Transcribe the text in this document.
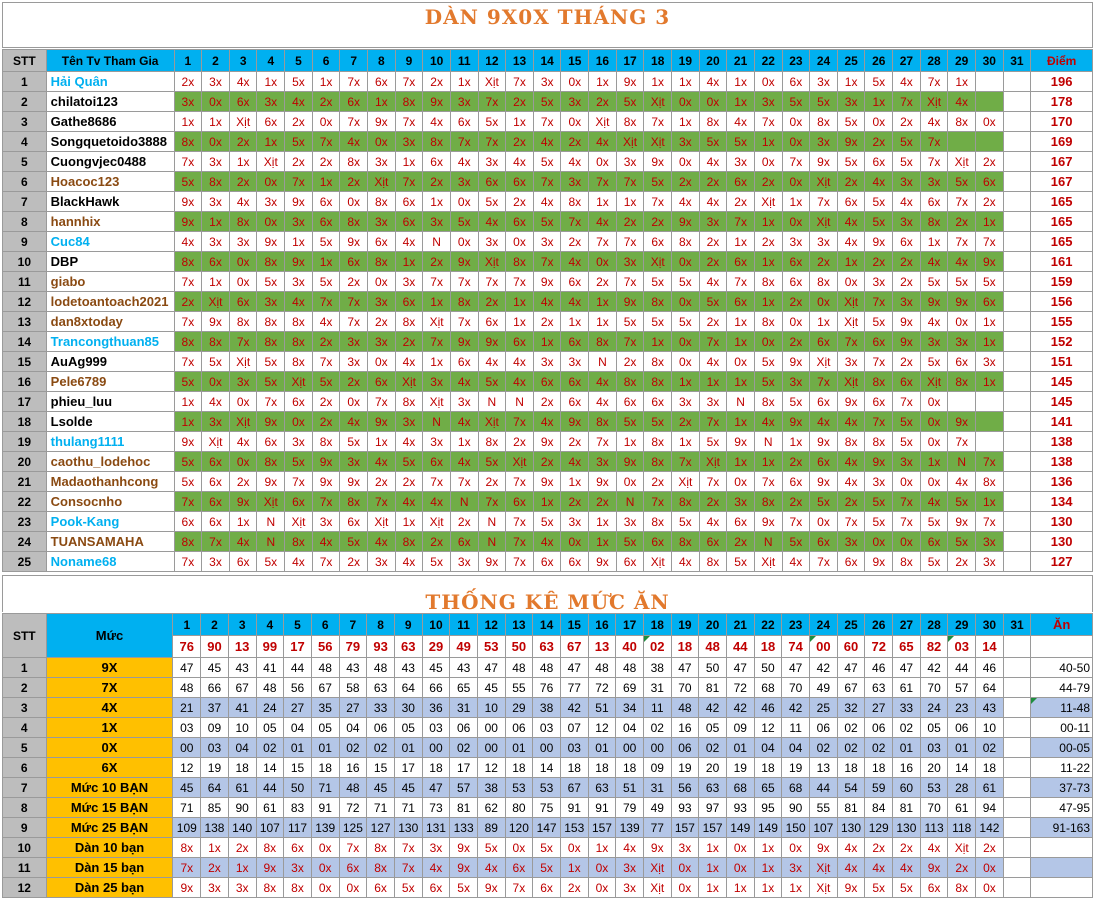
DÀN 9X0X THÁNG 3
STT	Tên Tv Tham Gia	1	2	3	4	5	6	7	8	9	10	11	12	13	14	15	16	17	18	19	20	21	22	23	24	25	26	27	28	29	30	31	Điểm
1	Hải Quân	2x	3x	4x	1x	5x	1x	7x	6x	7x	2x	1x	Xịt	7x	3x	0x	1x	9x	1x	1x	4x	1x	0x	6x	3x	1x	5x	4x	7x	1x			196
2	chilatoi123	3x	0x	6x	3x	4x	2x	6x	1x	8x	9x	3x	7x	2x	5x	3x	2x	5x	Xịt	0x	0x	1x	3x	5x	5x	3x	1x	7x	Xịt	4x			178
3	Gathe8686	1x	1x	Xịt	6x	2x	0x	7x	9x	7x	4x	6x	5x	1x	7x	0x	Xịt	8x	7x	1x	8x	4x	7x	0x	8x	5x	0x	2x	4x	8x	0x		170
4	Songquetoido3888	8x	0x	2x	1x	5x	7x	4x	0x	3x	8x	7x	7x	2x	4x	2x	4x	Xịt	Xịt	3x	5x	5x	1x	0x	3x	9x	2x	5x	7x				169
5	Cuongvjec0488	7x	3x	1x	Xịt	2x	2x	8x	3x	1x	6x	4x	3x	4x	5x	4x	0x	3x	9x	0x	4x	3x	0x	7x	9x	5x	6x	5x	7x	Xịt	2x		167
6	Hoacoc123	5x	8x	2x	0x	7x	1x	2x	Xịt	7x	2x	3x	6x	6x	7x	3x	7x	7x	5x	2x	2x	6x	2x	0x	Xịt	2x	4x	3x	3x	5x	6x		167
7	BlackHawk	9x	3x	4x	3x	9x	6x	0x	8x	6x	1x	0x	5x	2x	4x	8x	1x	1x	7x	4x	4x	2x	Xịt	1x	7x	6x	5x	4x	6x	7x	2x		165
8	hannhix	9x	1x	8x	0x	3x	6x	8x	3x	6x	3x	5x	4x	6x	5x	7x	4x	2x	2x	9x	3x	7x	1x	0x	Xịt	4x	5x	3x	8x	2x	1x		165
9	Cuc84	4x	3x	3x	9x	1x	5x	9x	6x	4x	N	0x	3x	0x	3x	2x	7x	7x	6x	8x	2x	1x	2x	3x	3x	4x	9x	6x	1x	7x	7x		165
10	DBP	8x	6x	0x	8x	9x	1x	6x	8x	1x	2x	9x	Xịt	8x	7x	4x	0x	3x	Xịt	0x	2x	6x	1x	6x	2x	1x	2x	2x	4x	4x	9x		161
11	giabo	7x	1x	0x	5x	3x	5x	2x	0x	3x	7x	7x	7x	7x	9x	6x	2x	7x	5x	5x	4x	7x	8x	6x	8x	0x	3x	2x	5x	5x	5x		159
12	lodetoantoach2021	2x	Xịt	6x	3x	4x	7x	7x	3x	6x	1x	8x	2x	1x	4x	4x	1x	9x	8x	0x	5x	6x	1x	2x	0x	Xịt	7x	3x	9x	9x	6x		156
13	dan8xtoday	7x	9x	8x	8x	8x	4x	7x	2x	8x	Xịt	7x	6x	1x	2x	1x	1x	5x	5x	5x	2x	1x	8x	0x	1x	Xịt	5x	9x	4x	0x	1x		155
14	Trancongthuan85	8x	8x	7x	8x	8x	2x	3x	3x	2x	7x	9x	9x	6x	1x	6x	8x	7x	1x	0x	7x	1x	0x	2x	6x	7x	6x	9x	3x	3x	1x		152
15	AuAg999	7x	5x	Xịt	5x	8x	7x	3x	0x	4x	1x	6x	4x	4x	3x	3x	N	2x	8x	0x	4x	0x	5x	9x	Xịt	3x	7x	2x	5x	6x	3x		151
16	Pele6789	5x	0x	3x	5x	Xịt	5x	2x	6x	Xịt	3x	4x	5x	4x	6x	6x	4x	8x	8x	1x	1x	1x	5x	3x	7x	Xịt	8x	6x	Xịt	8x	1x		145
17	phieu_luu	1x	4x	0x	7x	6x	2x	0x	7x	8x	Xịt	3x	N	N	2x	6x	4x	6x	6x	3x	3x	N	8x	5x	6x	9x	6x	7x	0x				145
18	Lsolde	1x	3x	Xịt	9x	0x	2x	4x	9x	3x	N	4x	Xịt	7x	4x	9x	8x	5x	5x	2x	7x	1x	4x	9x	4x	4x	7x	5x	0x	9x			141
19	thulang1111	9x	Xịt	4x	6x	3x	8x	5x	1x	4x	3x	1x	8x	2x	9x	2x	7x	1x	8x	1x	5x	9x	N	1x	9x	8x	8x	5x	0x	7x			138
20	caothu_lodehoc	5x	6x	0x	8x	5x	9x	3x	4x	5x	6x	4x	5x	Xịt	2x	4x	3x	9x	8x	7x	Xịt	1x	1x	2x	6x	4x	9x	3x	1x	N	7x		138
21	Madaothanhcong	5x	6x	2x	9x	7x	9x	9x	2x	2x	7x	7x	2x	7x	9x	1x	9x	0x	2x	Xịt	7x	0x	7x	6x	9x	4x	3x	0x	0x	4x	8x		136
22	Consocnho	7x	6x	9x	Xịt	6x	7x	8x	7x	4x	4x	N	7x	6x	1x	2x	2x	N	7x	8x	2x	3x	8x	2x	5x	2x	5x	7x	4x	5x	1x		134
23	Pook-Kang	6x	6x	1x	N	Xịt	3x	6x	Xịt	1x	Xịt	2x	N	7x	5x	3x	1x	3x	8x	5x	4x	6x	9x	7x	0x	7x	5x	7x	5x	9x	7x		130
24	TUANSAMAHA	8x	7x	4x	N	8x	4x	5x	4x	8x	2x	6x	N	7x	4x	0x	1x	5x	6x	8x	6x	2x	N	5x	6x	3x	0x	0x	6x	5x	3x		130
25	Noname68	7x	3x	6x	5x	4x	7x	2x	3x	4x	5x	3x	9x	7x	6x	6x	9x	6x	Xịt	4x	8x	5x	Xịt	4x	7x	6x	9x	8x	5x	2x	3x		127
THỐNG KÊ MỨC ĂN
STT	Mức	1	2	3	4	5	6	7	8	9	10	11	12	13	14	15	16	17	18	19	20	21	22	23	24	25	26	27	28	29	30	31	Ăn
		76	90	13	99	17	56	79	93	63	29	49	53	50	63	67	13	40	02	18	48	44	18	74	00	60	72	65	82	03	14		
1	9X	47	45	43	41	44	48	43	48	43	45	43	47	48	48	47	48	48	38	47	50	47	50	47	42	47	46	47	42	44	46		40-50
2	7X	48	66	67	48	56	67	58	63	64	66	65	45	55	76	77	72	69	31	70	81	72	68	70	49	67	63	61	70	57	64		44-79
3	4X	21	37	41	24	27	35	27	33	30	36	31	10	29	38	42	51	34	11	48	42	42	46	42	25	32	27	33	24	23	43		11-48
4	1X	03	09	10	05	04	05	04	06	05	03	06	00	06	03	07	12	04	02	16	05	09	12	11	06	02	06	02	05	06	10		00-11
5	0X	00	03	04	02	01	01	02	02	01	00	02	00	01	00	03	01	00	00	06	02	01	04	04	02	02	02	01	03	01	02		00-05
6	6X	12	19	18	14	15	18	16	15	17	18	17	12	18	14	18	18	18	09	19	20	19	18	19	13	18	18	16	20	14	18		11-22
7	Mức 10 BẠN	45	64	61	44	50	71	48	45	45	47	57	38	53	53	67	63	51	31	56	63	68	65	68	44	54	59	60	53	28	61		37-73
8	Mức 15 BẠN	71	85	90	61	83	91	72	71	71	73	81	62	80	75	91	91	79	49	93	97	93	95	90	55	81	84	81	70	61	94		47-95
9	Mức 25 BẠN	109	138	140	107	117	139	125	127	130	131	133	89	120	147	153	157	139	77	157	157	149	149	150	107	130	129	130	113	118	142		91-163
10	Dàn 10 bạn	8x	1x	2x	8x	6x	0x	7x	8x	7x	3x	9x	5x	0x	5x	0x	1x	4x	9x	3x	1x	0x	1x	0x	9x	4x	2x	2x	4x	Xịt	2x		
11	Dàn 15 bạn	7x	2x	1x	9x	3x	0x	6x	8x	7x	4x	9x	4x	6x	5x	1x	0x	3x	Xịt	0x	1x	0x	1x	3x	Xịt	4x	4x	4x	9x	2x	0x		
12	Dàn 25 bạn	9x	3x	3x	8x	8x	0x	0x	6x	5x	6x	5x	9x	7x	6x	2x	0x	3x	Xịt	0x	1x	1x	1x	1x	Xịt	9x	5x	5x	6x	8x	0x		
